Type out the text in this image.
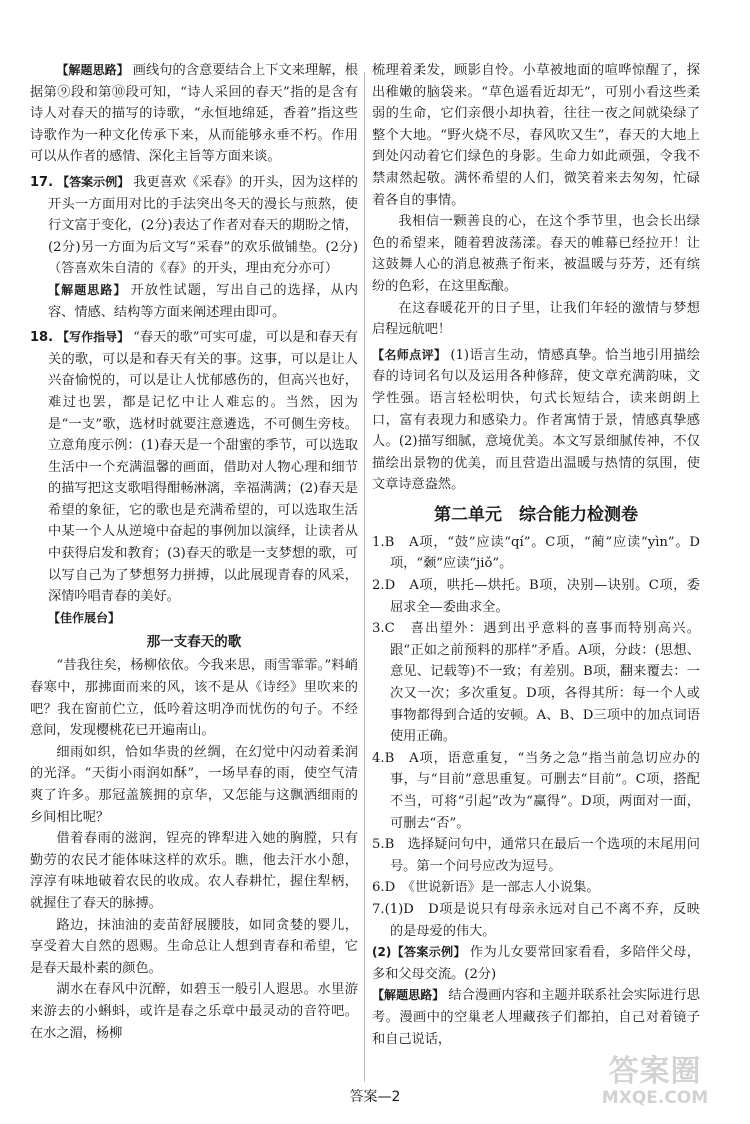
【解题思路】 画线句的含意要结合上下文来理解，根据第⑨段和第⑩段可知，“诗人采回的春天”指的是含有诗人对春天的描写的诗歌，“永恒地绵延，香着”指这些诗歌作为一种文化传承下来，从而能够永垂不朽。作用可以从作者的感情、深化主旨等方面来谈。

17. 【答案示例】 我更喜欢《采春》的开头，因为这样的开头一方面用对比的手法突出冬天的漫长与煎熬，使行文富于变化，(2分)表达了作者对春天的期盼之情，(2分)另一方面为后文写“采春”的欢乐做铺垫。(2分)（答喜欢朱自清的《春》的开头，理由充分亦可）

【解题思路】 开放性试题，写出自己的选择，从内容、情感、结构等方面来阐述理由即可。

18. 【写作指导】 “春天的歌”可实可虚，可以是和春天有关的歌，可以是和春天有关的事。这事，可以是让人兴奋愉悦的，可以是让人忧郁感伤的，但高兴也好，难过也罢，都是记忆中让人难忘的。当然，因为是“一支”歌，选材时就要注意遴选，不可侧生旁枝。立意角度示例：(1)春天是一个甜蜜的季节，可以选取生活中一个充满温馨的画面，借助对人物心理和细节的描写把这支歌唱得酣畅淋漓，幸福满满；(2)春天是希望的象征，它的歌也是充满希望的，可以选取生活中某一个人从逆境中奋起的事例加以演绎，让读者从中获得启发和教育；(3)春天的歌是一支梦想的歌，可以写自己为了梦想努力拼搏，以此展现青春的风采，深情吟唱青春的美好。

【佳作展台】

那一支春天的歌

“昔我往矣，杨柳依依。今我来思，雨雪霏霏。”料峭春寒中，那拂面而来的风，该不是从《诗经》里吹来的吧？我在窗前伫立，低吟着这明净而忧伤的句子。不经意间，发现樱桃花已开遍南山。

细雨如织，恰如华贵的丝绸，在幻觉中闪动着柔润的光泽。“天街小雨润如酥”，一场早春的雨，使空气清爽了许多。那冠盖簇拥的京华，又怎能与这飘洒细雨的乡间相比呢？

借着春雨的滋润，锃亮的铧犁进入她的胸膛，只有勤劳的农民才能体味这样的欢乐。瞧，他去汗水小憩，淳淳有味地破着农民的收成。农人春耕忙，握住犁柄，就握住了春天的脉搏。

路边，抹油油的麦苗舒展腰肢，如同贪婪的婴儿，享受着大自然的恩赐。生命总让人想到青春和希望，它是春天最朴素的颜色。

湖水在春风中沉醉，如碧玉一般引人遐思。水里游来游去的小蝌蚪，或许是春之乐章中最灵动的音符吧。在水之湄，杨柳

梳理着柔发，顾影自怜。小草被地面的喧哗惊醒了，探出稚嫩的脑袋来。“草色遥看近却无”，可别小看这些柔弱的生命，它们亲偎小却执着，往往一夜之间就染绿了整个大地。“野火烧不尽，春风吹又生”，春天的大地上到处闪动着它们绿色的身影。生命力如此顽强，令我不禁肃然起敬。满怀希望的人们，微笑着来去匆匆，忙碌着各自的事情。

我相信一颗善良的心，在这个季节里，也会长出绿色的希望来，随着碧波荡漾。春天的帷幕已经拉开！让这鼓舞人心的消息被燕子衔来，被温暖与芬芳，还有缤纷的色彩，在这里酝酿。

在这春暖花开的日子里，让我们年轻的激情与梦想启程远航吧！

【名师点评】 (1)语言生动，情感真挚。恰当地引用描绘春的诗词名句以及运用各种修辞，使文章充满韵味，文学性强。语言轻松明快，句式长短结合，读来朗朗上口，富有表现力和感染力。作者寓情于景，情感真挚感人。(2)描写细腻，意境优美。本文写景细腻传神，不仅描绘出景物的优美，而且营造出温暖与热情的氛围，使文章诗意盎然。

第二单元　综合能力检测卷

1.B　A项，“鼓”应读“qí”。C项，“蔺”应读“yìn”。D项，“颡”应读“jiǒ”。

2.D　A项，哄托—烘托。B项，决别—诀别。C项，委屈求全—委曲求全。

3.C　喜出望外：遇到出乎意料的喜事而特别高兴。跟“正如之前预料的那样”矛盾。A项，分歧：(思想、意见、记载等)不一致；有差别。B项，翻来覆去：一次又一次；多次重复。D项，各得其所：每一个人或事物都得到合适的安顿。A、B、D三项中的加点词语使用正确。

4.B　A项，语意重复，“当务之急”指当前急切应办的事，与“目前”意思重复。可删去“目前”。C项，搭配不当，可将“引起”改为“赢得”。D项，两面对一面，可删去“否”。

5.B　选择疑问句中，通常只在最后一个选项的末尾用问号。第一个问号应改为逗号。

6.D　《世说新语》是一部志人小说集。

7.(1)D　D项是说只有母亲永远对自己不离不弃，反映的是母爱的伟大。

(2)【答案示例】 作为儿女要常回家看看，多陪伴父母，多和父母交流。(2分)

【解题思路】 结合漫画内容和主题并联系社会实际进行思考。漫画中的空巢老人埋藏孩子们都拍，自己对着镜子和自己说话，

答案—2
答案圈
MXQE.COM
